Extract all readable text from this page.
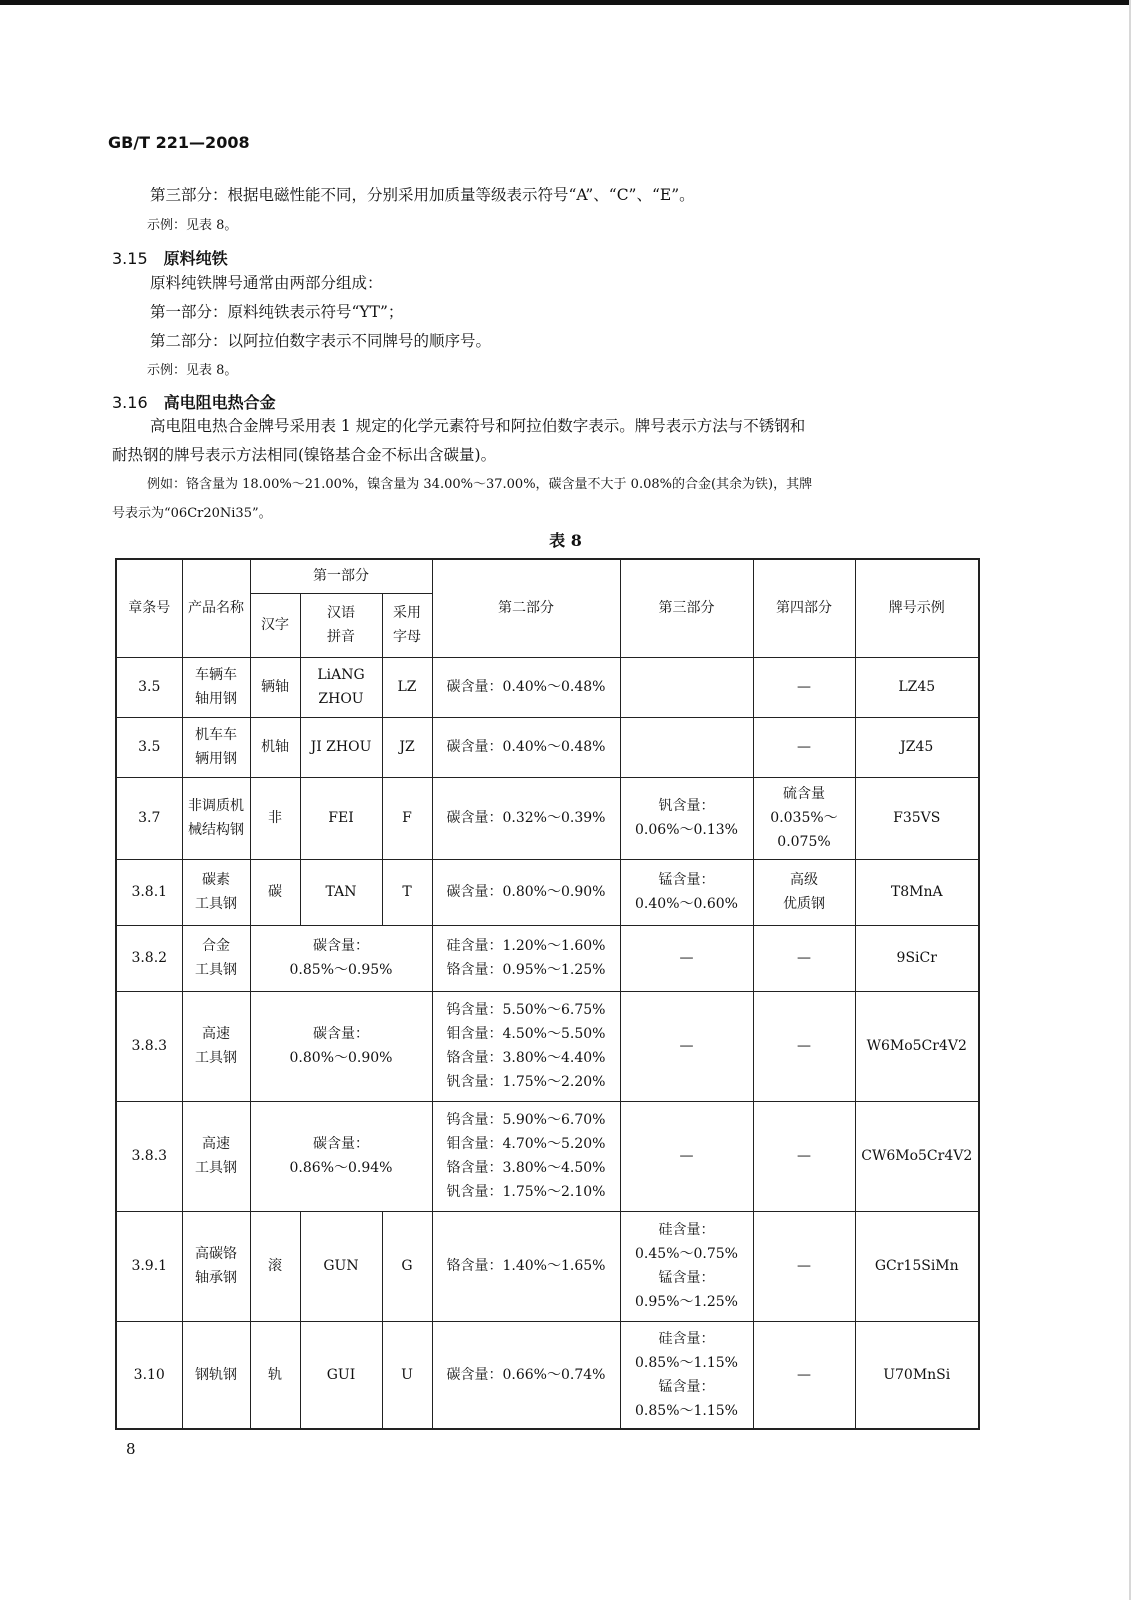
GB/T 221—2008
第三部分：根据电磁性能不同，分别采用加质量等级表示符号“A”、“C”、“E”。
示例：见表 8。
3.15 原料纯铁
原料纯铁牌号通常由两部分组成：
第一部分：原料纯铁表示符号“YT”；
第二部分：以阿拉伯数字表示不同牌号的顺序号。
示例：见表 8。
3.16 高电阻电热合金
高电阻电热合金牌号采用表 1 规定的化学元素符号和阿拉伯数字表示。牌号表示方法与不锈钢和
耐热钢的牌号表示方法相同(镍铬基合金不标出含碳量)。
例如：铬含量为 18.00%～21.00%，镍含量为 34.00%～37.00%，碳含量不大于 0.08%的合金(其余为铁)，其牌
号表示为“06Cr20Ni35”。
表 8
章条号	产品名称	第一部分			第二部分	第三部分	第四部分	牌号示例
		汉字	汉语
拼音	采用
字母				

3.5	车辆车
轴用钢	辆轴	LiANG
ZHOU	LZ	碳含量：0.40%～0.48%		—	LZ45
3.5	机车车
辆用钢	机轴	JI ZHOU	JZ	碳含量：0.40%～0.48%		—	JZ45
3.7	非调质机
械结构钢	非	FEI	F	碳含量：0.32%～0.39%	钒含量：
0.06%～0.13%	硫含量
0.035%～
0.075%	F35VS
3.8.1	碳素
工具钢	碳	TAN	T	碳含量：0.80%～0.90%	锰含量：
0.40%～0.60%	高级
优质钢	T8MnA
3.8.2	合金
工具钢	碳含量：
0.85%～0.95%			硅含量：1.20%～1.60%
铬含量：0.95%～1.25%	—	—	9SiCr
3.8.3	高速
工具钢	碳含量：
0.80%～0.90%			钨含量：5.50%～6.75%
钼含量：4.50%～5.50%
铬含量：3.80%～4.40%
钒含量：1.75%～2.20%	—	—	W6Mo5Cr4V2
3.8.3	高速
工具钢	碳含量：
0.86%～0.94%			钨含量：5.90%～6.70%
钼含量：4.70%～5.20%
铬含量：3.80%～4.50%
钒含量：1.75%～2.10%	—	—	CW6Mo5Cr4V2
3.9.1	高碳铬
轴承钢	滚	GUN	G	铬含量：1.40%～1.65%	硅含量：
0.45%～0.75%
锰含量：
0.95%～1.25%	—	GCr15SiMn
3.10	钢轨钢	轨	GUI	U	碳含量：0.66%～0.74%	硅含量：
0.85%～1.15%
锰含量：
0.85%～1.15%	—	U70MnSi
8
